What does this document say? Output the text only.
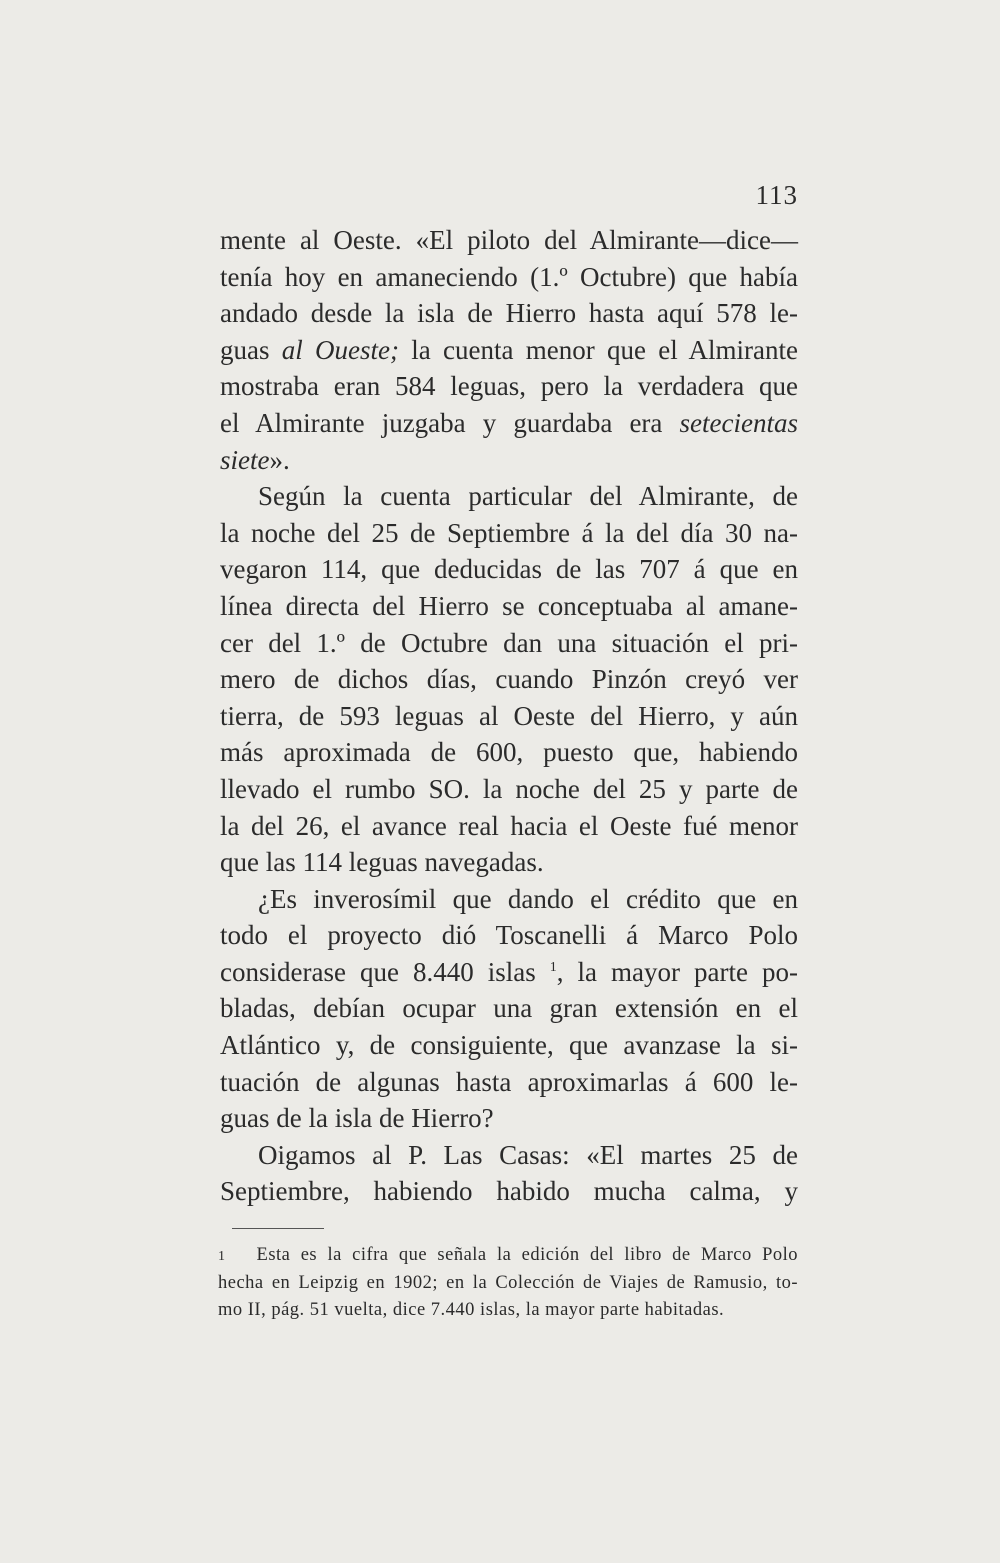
113

mente al Oeste. «El piloto del Almirante—dice—
tenía hoy en amaneciendo (1.º Octubre) que había
andado desde la isla de Hierro hasta aquí 578 le-
guas al Oueste; la cuenta menor que el Almirante
mostraba eran 584 leguas, pero la verdadera que
el Almirante juzgaba y guardaba era setecientas
siete».

Según la cuenta particular del Almirante, de
la noche del 25 de Septiembre á la del día 30 na-
vegaron 114, que deducidas de las 707 á que en
línea directa del Hierro se conceptuaba al amane-
cer del 1.º de Octubre dan una situación el pri-
mero de dichos días, cuando Pinzón creyó ver
tierra, de 593 leguas al Oeste del Hierro, y aún
más aproximada de 600, puesto que, habiendo
llevado el rumbo SO. la noche del 25 y parte de
la del 26, el avance real hacia el Oeste fué menor
que las 114 leguas navegadas.

¿Es inverosímil que dando el crédito que en
todo el proyecto dió Toscanelli á Marco Polo
considerase que 8.440 islas $^1$, la mayor parte po-
bladas, debían ocupar una gran extensión en el
Atlántico y, de consiguiente, que avanzase la si-
tuación de algunas hasta aproximarlas á 600 le-
guas de la isla de Hierro?

Oigamos al P. Las Casas: «El martes 25 de
Septiembre, habiendo habido mucha calma, y

1 Esta es la cifra que señala la edición del libro de Marco Polo
hecha en Leipzig en 1902; en la Colección de Viajes de Ramusio, to-
mo II, pág. 51 vuelta, dice 7.440 islas, la mayor parte habitadas.
